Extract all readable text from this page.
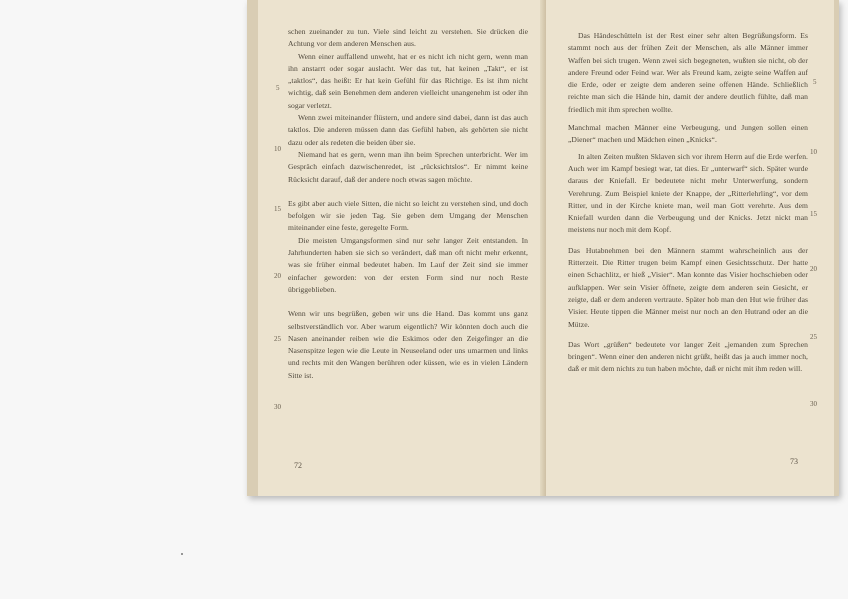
schen zueinander zu tun. Viele sind leicht zu verstehen. Sie drücken die Achtung vor dem anderen Menschen aus.

Wenn einer auffallend unweht, hat er es nicht ich nicht gern, wenn man ihn anstarrt oder sogar auslacht. Wer das tut, hat keinen „Takt“, er ist „taktlos“, das heißt: Er hat kein Gefühl für das Richtige. Es ist ihm nicht wichtig, daß sein Benehmen dem anderen vielleicht unangenehm ist oder ihn sogar verletzt.

Wenn zwei miteinander flüstern, und andere sind dabei, dann ist das auch taktlos. Die anderen müssen dann das Gefühl haben, als gehörten sie nicht dazu oder als redeten die beiden über sie.

Niemand hat es gern, wenn man ihn beim Sprechen unterbricht. Wer im Gespräch einfach dazwischenredet, ist „rücksichtslos“. Er nimmt keine Rücksicht darauf, daß der andere noch etwas sagen möchte.

Es gibt aber auch viele Sitten, die nicht so leicht zu verstehen sind, und doch befolgen wir sie jeden Tag. Sie geben dem Umgang der Menschen miteinander eine feste, geregelte Form.

Die meisten Umgangsformen sind nur sehr langer Zeit entstanden. In Jahrhunderten haben sie sich so verändert, daß man oft nicht mehr erkennt, was sie früher einmal bedeutet haben. Im Lauf der Zeit sind sie immer einfacher geworden: von der ersten Form sind nur noch Reste übriggeblieben.

Wenn wir uns begrüßen, geben wir uns die Hand. Das kommt uns ganz selbstverständlich vor. Aber warum eigentlich? Wir könnten doch auch die Nasen aneinander reiben wie die Eskimos oder den Zeigefinger an die Nasenspitze legen wie die Leute in Neuseeland oder uns umarmen und links und rechts mit den Wangen berühren oder küssen, wie es in vielen Ländern Sitte ist.

5
10
15
20
25
30
72

Das Händeschütteln ist der Rest einer sehr alten Begrüßungsform. Es stammt noch aus der frühen Zeit der Menschen, als alle Männer immer Waffen bei sich trugen. Wenn zwei sich begegneten, wußten sie nicht, ob der andere Freund oder Feind war. Wer als Freund kam, zeigte seine Waffen auf die Erde, oder er zeigte dem anderen seine offenen Hände. Schließlich reichte man sich die Hände hin, damit der andere deutlich fühlte, daß man friedlich mit ihm sprechen wollte.

Manchmal machen Männer eine Verbeugung, und Jungen sollen einen „Diener“ machen und Mädchen einen „Knicks“.

In alten Zeiten mußten Sklaven sich vor ihrem Herrn auf die Erde werfen. Auch wer im Kampf besiegt war, tat dies. Er „unterwarf“ sich. Später wurde daraus der Kniefall. Er bedeutete nicht mehr Unterwerfung, sondern Verehrung. Zum Beispiel kniete der Knappe, der „Ritterlehrling“, vor dem Ritter, und in der Kirche kniete man, weil man Gott verehrte. Aus dem Kniefall wurden dann die Verbeugung und der Knicks. Jetzt nickt man meistens nur noch mit dem Kopf.

Das Hutabnehmen bei den Männern stammt wahrscheinlich aus der Ritterzeit. Die Ritter trugen beim Kampf einen Gesichtsschutz. Der hatte einen Schachlitz, er hieß „Visier“. Man konnte das Visier hochschieben oder aufklappen. Wer sein Visier öffnete, zeigte dem anderen sein Gesicht, er zeigte, daß er dem anderen vertraute. Später hob man den Hut wie früher das Visier. Heute tippen die Männer meist nur noch an den Hutrand oder an die Mütze.

Das Wort „grüßen“ bedeutete vor langer Zeit „jemanden zum Sprechen bringen“. Wenn einer den anderen nicht grüßt, heißt das ja auch immer noch, daß er mit dem nichts zu tun haben möchte, daß er nicht mit ihm reden will.

5
10
15
20
25
30
73
